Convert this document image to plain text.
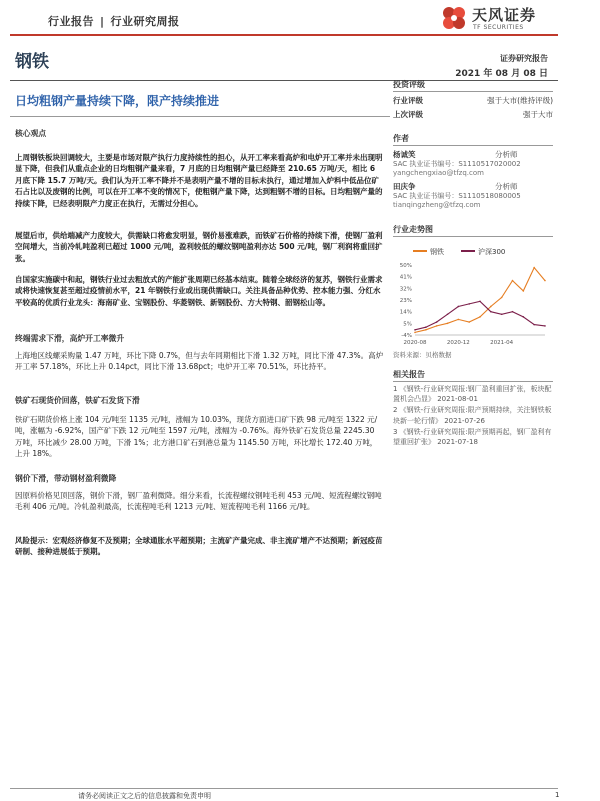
行业报告 | 行业研究周报	天风证券
TF SECURITIES
钢铁	证券研究报告
2021 年 08 月 08 日
日均粗钢产量持续下降，限产持续推进
核心观点
上周钢铁板块回调较大，主要是市场对限产执行力度持续性的担心，从开工率来看高炉和电炉开工率并未出现明显下降，但我们从重点企业的日均粗钢产量来看，7 月底的日均粗钢产量已经降至 210.65 万吨/天，相比 6 月底下降 15.7 万吨/天。我们认为开工率不降并不是表明产量不增的目标未执行，通过增加入炉料中低品位矿石占比以及废钢的比例，可以在开工率不变的情况下，使粗钢产量下降，达到粗钢不增的目标。日均粗钢产量的持续下降，已经表明限产力度正在执行，无需过分担心。
展望后市，供给端减产力度较大，供需缺口将愈发明显，钢价易涨难跌，而铁矿石价格的持续下滑，使钢厂盈利空间增大，当前冷轧吨盈利已超过 1000 元/吨，盈利较低的螺纹钢吨盈利亦达 500 元/吨，钢厂利润将重回扩张。
自国家实施碳中和起，钢铁行业过去粗放式的产能扩张周期已经基本结束。随着全球经济的复苏，钢铁行业需求或将快速恢复甚至超过疫情前水平，21 年钢铁行业或出现供需缺口。关注具备品种优势、控本能力强、分红水平较高的优质行业龙头：海南矿业、宝钢股份、华菱钢铁、新钢股份、方大特钢、韶钢松山等。
终端需求下滑，高炉开工率微升
上海地区线螺采购量 1.47 万吨，环比下降 0.7%，但与去年同期相比下滑 1.32 万吨，同比下滑 47.3%。高炉开工率 57.18%，环比上升 0.14pct，同比下滑 13.68pct；电炉开工率 70.51%，环比持平。
铁矿石现货价回落，铁矿石发货下滑
铁矿石期货价格上涨 104 元/吨至 1135 元/吨，涨幅为 10.03%，现货方面进口矿下跌 98 元/吨至 1322 元/吨，涨幅为 -6.92%，国产矿下跌 12 元/吨至 1597 元/吨，涨幅为 -0.76%。海外铁矿石发货总量 2245.30 万吨，环比减少 28.00 万吨，下滑 1%；北方港口矿石到港总量为 1145.50 万吨，环比增长 172.40 万吨，上升 18%。
钢价下滑，带动钢材盈利微降
因原料价格见顶回落，钢价下滑，钢厂盈利微降。细分来看，长流程螺纹钢吨毛利 453 元/吨、短流程螺纹钢吨毛利 406 元/吨。冷轧盈利最高，长流程吨毛利 1213 元/吨、短流程吨毛利 1166 元/吨。
风险提示：宏观经济修复不及预期；全球通胀水平超预期；主流矿产量完成、非主流矿增产不达预期；新冠疫苗研制、接种进展低于预期。
投资评级
行业评级	强于大市(维持评级)
上次评级	强于大市
作者
杨诚笑	分析师
SAC 执业证书编号：S1110517020002
yangchengxiao@tfzq.com
田庆争	分析师
SAC 执业证书编号：S1110518080005
tianqingzheng@tfzq.com
行业走势图
钢铁	沪深300
50%
41%
32%
23%
14%
5%
-4%
2020-08	2020-12	2021-04
资料来源：贝格数据
相关报告
1 《钢铁-行业研究周报:钢厂盈利重回扩张，板块配置机会凸显》 2021-08-01
2 《钢铁-行业研究周报:限产预期持续，关注钢铁板块新一轮行情》 2021-07-26
3 《钢铁-行业研究周报:限产预期再起，钢厂盈利有望重回扩张》 2021-07-18
请务必阅读正文之后的信息披露和免责申明	1
